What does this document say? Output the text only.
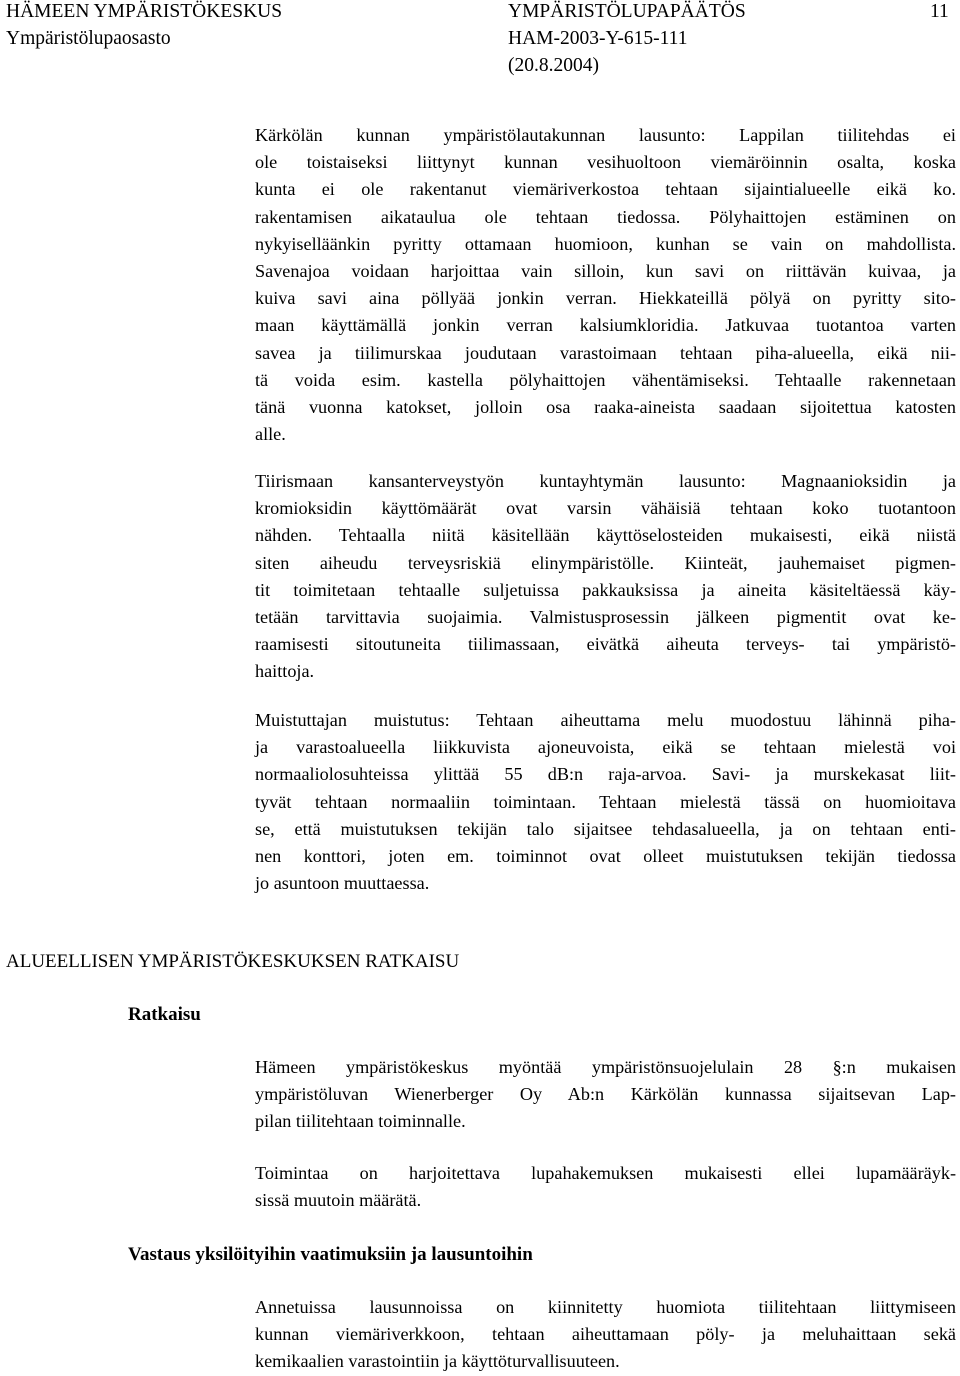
HÄMEEN YMPÄRISTÖKESKUS
Ympäristölupaosasto
YMPÄRISTÖLUPAPÄÄTÖS
HAM-2003-Y-615-111
(20.8.2004)
11
Kärkölän kunnan ympäristölautakunnan lausunto: Lappilan tiilitehdas ei
ole toistaiseksi liittynyt kunnan vesihuoltoon viemäröinnin osalta, koska
kunta ei ole rakentanut viemäriverkostoa tehtaan sijaintialueelle eikä ko.
rakentamisen aikataulua ole tehtaan tiedossa. Pölyhaittojen estäminen on
nykyiselläänkin pyritty ottamaan huomioon, kunhan se vain on mahdollista.
Savenajoa voidaan harjoittaa vain silloin, kun savi on riittävän kuivaa, ja
kuiva savi aina pöllyää jonkin verran. Hiekkateillä pölyä on pyritty sito-
maan käyttämällä jonkin verran kalsiumkloridia. Jatkuvaa tuotantoa varten
savea ja tiilimurskaa joudutaan varastoimaan tehtaan piha-alueella, eikä nii-
tä voida esim. kastella pölyhaittojen vähentämiseksi. Tehtaalle rakennetaan
tänä vuonna katokset, jolloin osa raaka-aineista saadaan sijoitettua katosten
alle.
Tiirismaan kansanterveystyön kuntayhtymän lausunto: Magnaanioksidin ja
kromioksidin käyttömäärät ovat varsin vähäisiä tehtaan koko tuotantoon
nähden. Tehtaalla niitä käsitellään käyttöselosteiden mukaisesti, eikä niistä
siten aiheudu terveysriskiä elinympäristölle. Kiinteät, jauhemaiset pigmen-
tit toimitetaan tehtaalle suljetuissa pakkauksissa ja aineita käsiteltäessä käy-
tetään tarvittavia suojaimia. Valmistusprosessin jälkeen pigmentit ovat ke-
raamisesti sitoutuneita tiilimassaan, eivätkä aiheuta terveys- tai ympäristö-
haittoja.
Muistuttajan muistutus: Tehtaan aiheuttama melu muodostuu lähinnä piha-
ja varastoalueella liikkuvista ajoneuvoista, eikä se tehtaan mielestä voi
normaaliolosuhteissa ylittää 55 dB:n raja-arvoa. Savi- ja murskekasat liit-
tyvät tehtaan normaaliin toimintaan. Tehtaan mielestä tässä on huomioitava
se, että muistutuksen tekijän talo sijaitsee tehdasalueella, ja on tehtaan enti-
nen konttori, joten em. toiminnot ovat olleet muistutuksen tekijän tiedossa
jo asuntoon muuttaessa.
ALUEELLISEN YMPÄRISTÖKESKUKSEN RATKAISU
Ratkaisu
Hämeen ympäristökeskus myöntää ympäristönsuojelulain 28 §:n mukaisen
ympäristöluvan Wienerberger Oy Ab:n Kärkölän kunnassa sijaitsevan Lap-
pilan tiilitehtaan toiminnalle.
Toimintaa on harjoitettava lupahakemuksen mukaisesti ellei lupamääräyk-
sissä muutoin määrätä.
Vastaus yksilöityihin vaatimuksiin ja lausuntoihin
Annetuissa lausunnoissa on kiinnitetty huomiota tiilitehtaan liittymiseen
kunnan viemäriverkkoon, tehtaan aiheuttamaan pöly- ja meluhaittaan sekä
kemikaalien varastointiin ja käyttöturvallisuuteen.
